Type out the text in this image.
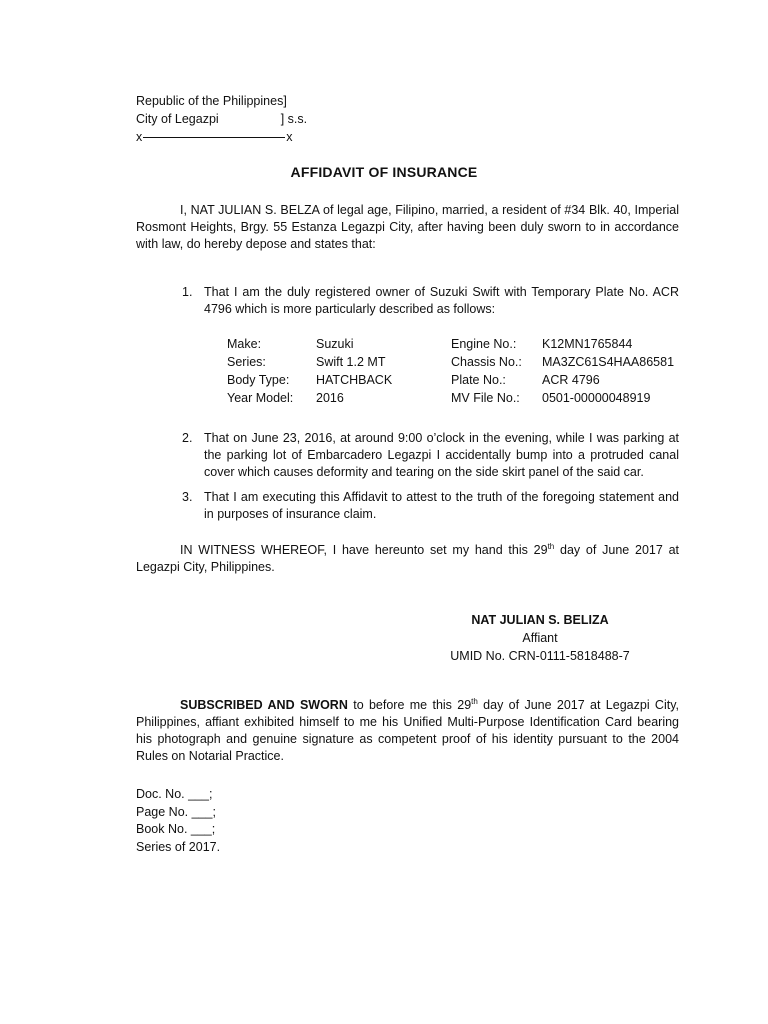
Republic of the Philippines]
City of Legazpi	] s.s.
x	x
AFFIDAVIT OF INSURANCE
I, NAT JULIAN S. BELZA of legal age, Filipino, married, a resident of #34 Blk. 40, Imperial Rosmont Heights, Brgy. 55 Estanza Legazpi City, after having been duly sworn to in accordance with law, do hereby depose and states that:
1. That I am the duly registered owner of Suzuki Swift with Temporary Plate No. ACR 4796 which is more particularly described as follows:
Make:	Suzuki	Engine No.:	K12MN1765844
Series:	Swift 1.2 MT	Chassis No.:	MA3ZC61S4HAA86581
Body Type:	HATCHBACK	Plate No.:	ACR 4796
Year Model:	2016	MV File No.:	0501-00000048919
2. That on June 23, 2016, at around 9:00 o’clock in the evening, while I was parking at the parking lot of Embarcadero Legazpi I accidentally bump into a protruded canal cover which causes deformity and tearing on the side skirt panel of the said car.
3. That I am executing this Affidavit to attest to the truth of the foregoing statement and in purposes of insurance claim.
IN WITNESS WHEREOF, I have hereunto set my hand this 29th day of June 2017 at Legazpi City, Philippines.
NAT JULIAN S. BELIZA
Affiant
UMID No. CRN-0111-5818488-7
SUBSCRIBED AND SWORN to before me this 29th day of June 2017 at Legazpi City, Philippines, affiant exhibited himself to me his Unified Multi-Purpose Identification Card bearing his photograph and genuine signature as competent proof of his identity pursuant to the 2004 Rules on Notarial Practice.
Doc. No. ___;
Page No. ___;
Book No. ___;
Series of 2017.
